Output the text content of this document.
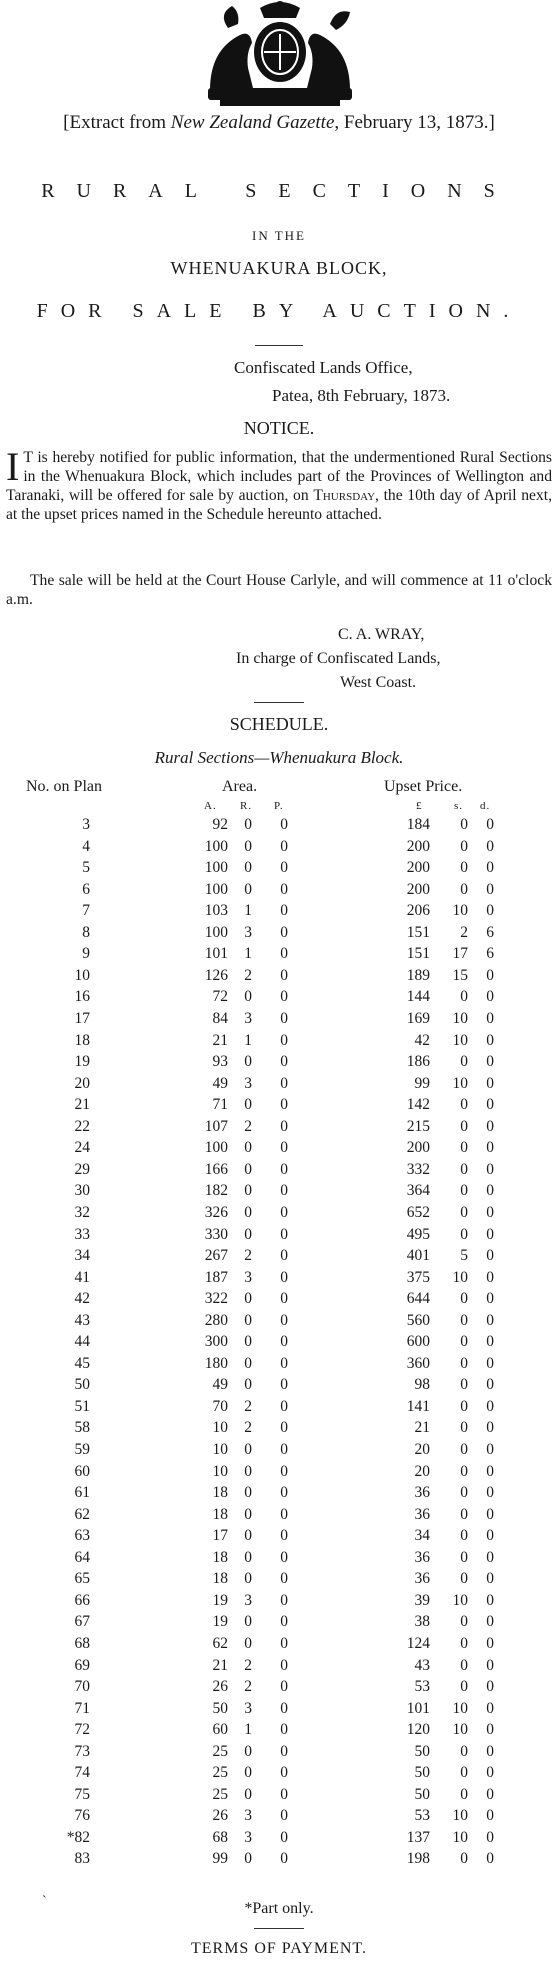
[Extract from New Zealand Gazette, February 13, 1873.]
RURAL SECTIONS
IN THE
WHENUAKURA BLOCK,
FOR SALE BY AUCTION.
Confiscated Lands Office,
Patea, 8th February, 1873.
NOTICE.
I T is hereby notified for public information, that the undermentioned Rural Sections in the Whenuakura Block, which includes part of the Provinces of Wellington and Taranaki, will be offered for sale by auction, on Thursday, the 10th day of April next, at the upset prices named in the Schedule hereunto attached.
The sale will be held at the Court House Carlyle, and will commence at 11 o'clock a.m.
C. A. WRAY,
In charge of Confiscated Lands,
West Coast.
SCHEDULE.
Rural Sections—Whenuakura Block.
No. on Plan	Area.	Upset Price.
A. R. P.	£	s. d.
3	92	0	0	184	0	0
4	100	0	0	200	0	0
5	100	0	0	200	0	0
6	100	0	0	200	0	0
7	103	1	0	206	10	0
8	100	3	0	151	2	6
9	101	1	0	151	17	6
10	126	2	0	189	15	0
16	72	0	0	144	0	0
17	84	3	0	169	10	0
18	21	1	0	42	10	0
19	93	0	0	186	0	0
20	49	3	0	99	10	0
21	71	0	0	142	0	0
22	107	2	0	215	0	0
24	100	0	0	200	0	0
29	166	0	0	332	0	0
30	182	0	0	364	0	0
32	326	0	0	652	0	0
33	330	0	0	495	0	0
34	267	2	0	401	5	0
41	187	3	0	375	10	0
42	322	0	0	644	0	0
43	280	0	0	560	0	0
44	300	0	0	600	0	0
45	180	0	0	360	0	0
50	49	0	0	98	0	0
51	70	2	0	141	0	0
58	10	2	0	21	0	0
59	10	0	0	20	0	0
60	10	0	0	20	0	0
61	18	0	0	36	0	0
62	18	0	0	36	0	0
63	17	0	0	34	0	0
64	18	0	0	36	0	0
65	18	0	0	36	0	0
66	19	3	0	39	10	0
67	19	0	0	38	0	0
68	62	0	0	124	0	0
69	21	2	0	43	0	0
70	26	2	0	53	0	0
71	50	3	0	101	10	0
72	60	1	0	120	10	0
73	25	0	0	50	0	0
74	25	0	0	50	0	0
75	25	0	0	50	0	0
76	26	3	0	53	10	0
*82	68	3	0	137	10	0
83	99	0	0	198	0	0
`	*Part only.
TERMS OF PAYMENT.
